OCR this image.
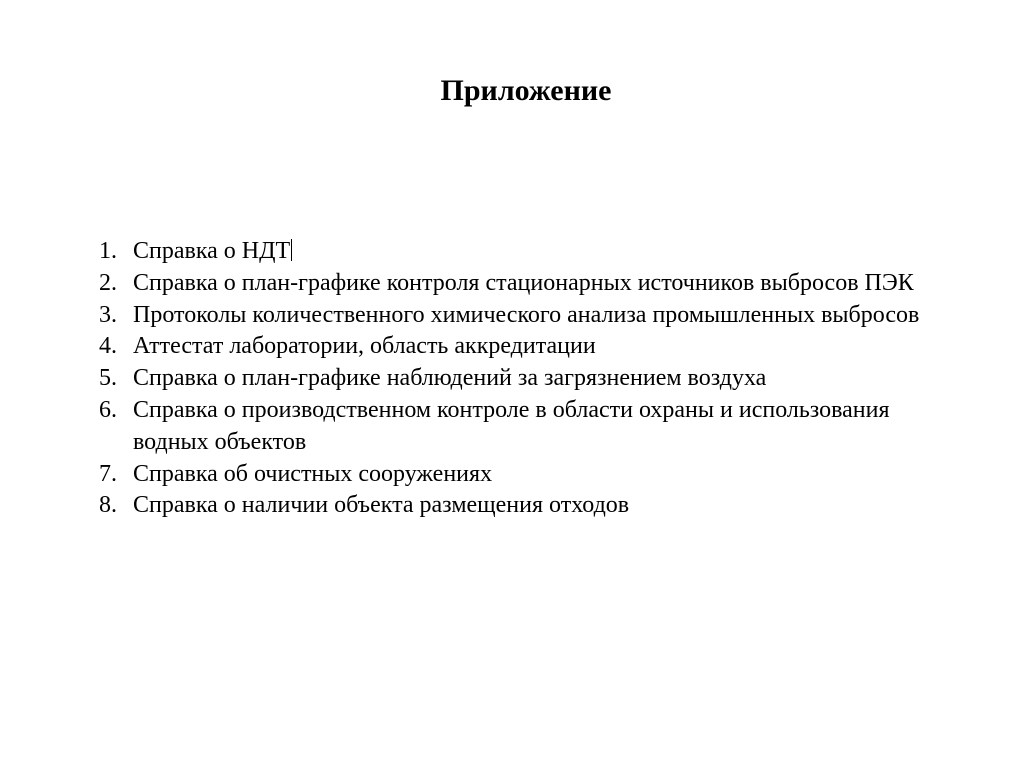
Приложение
1. Справка о НДТ
2. Справка о план-графике контроля стационарных источников выбросов ПЭК
3. Протоколы количественного химического анализа промышленных выбросов
4. Аттестат лаборатории, область аккредитации
5. Справка о план-графике наблюдений за загрязнением воздуха
6. Справка о производственном контроле в области охраны и использования водных объектов
7. Справка об очистных сооружениях
8. Справка о наличии объекта размещения отходов
